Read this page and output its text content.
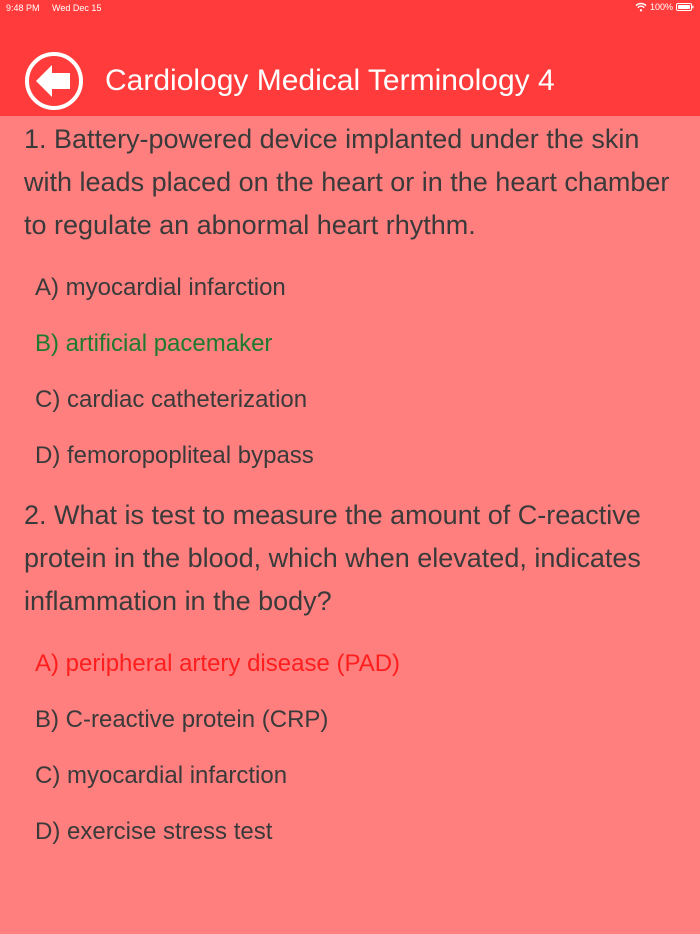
9:48 PM Wed Dec 15	100%
Cardiology Medical Terminology 4

1. Battery-powered device implanted under the skin with leads placed on the heart or in the heart chamber to regulate an abnormal heart rhythm.

A) myocardial infarction
B) artificial pacemaker
C) cardiac catheterization
D) femoropopliteal bypass

2. What is test to measure the amount of C-reactive protein in the blood, which when elevated, indicates inflammation in the body?

A) peripheral artery disease (PAD)
B) C-reactive protein (CRP)
C) myocardial infarction
D) exercise stress test
